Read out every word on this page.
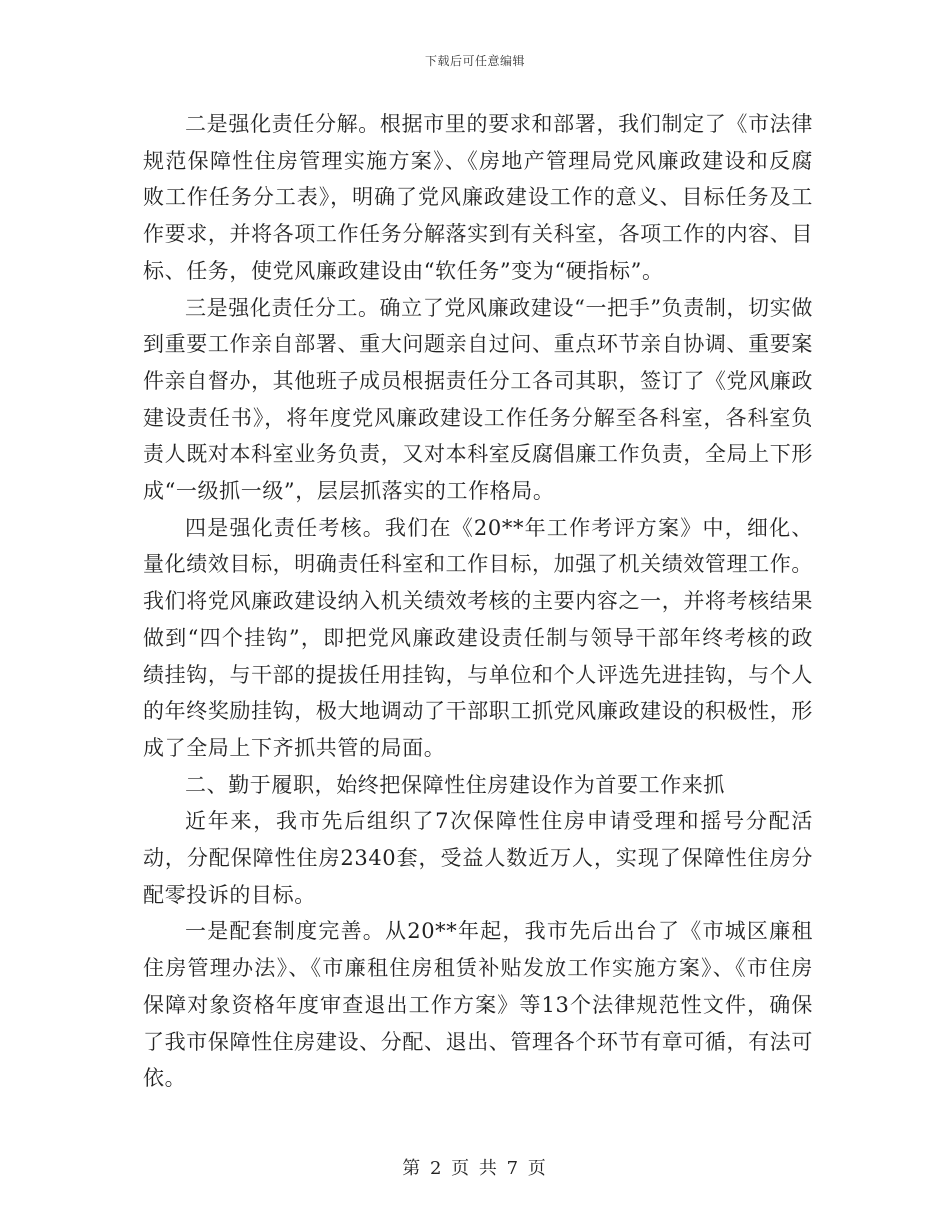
下载后可任意编辑

二是强化责任分解。根据市里的要求和部署，我们制定了《市法律规范保障性住房管理实施方案》、《房地产管理局党风廉政建设和反腐败工作任务分工表》，明确了党风廉政建设工作的意义、目标任务及工作要求，并将各项工作任务分解落实到有关科室，各项工作的内容、目标、任务，使党风廉政建设由“软任务”变为“硬指标”。

三是强化责任分工。确立了党风廉政建设“一把手”负责制，切实做到重要工作亲自部署、重大问题亲自过问、重点环节亲自协调、重要案件亲自督办，其他班子成员根据责任分工各司其职，签订了《党风廉政建设责任书》，将年度党风廉政建设工作任务分解至各科室，各科室负责人既对本科室业务负责，又对本科室反腐倡廉工作负责，全局上下形成“一级抓一级”，层层抓落实的工作格局。

四是强化责任考核。我们在《20**年工作考评方案》中，细化、量化绩效目标，明确责任科室和工作目标，加强了机关绩效管理工作。我们将党风廉政建设纳入机关绩效考核的主要内容之一，并将考核结果做到“四个挂钩”，即把党风廉政建设责任制与领导干部年终考核的政绩挂钩，与干部的提拔任用挂钩，与单位和个人评选先进挂钩，与个人的年终奖励挂钩，极大地调动了干部职工抓党风廉政建设的积极性，形成了全局上下齐抓共管的局面。

二、勤于履职，始终把保障性住房建设作为首要工作来抓

近年来，我市先后组织了7次保障性住房申请受理和摇号分配活动，分配保障性住房2340套，受益人数近万人，实现了保障性住房分配零投诉的目标。

一是配套制度完善。从20**年起，我市先后出台了《市城区廉租住房管理办法》、《市廉租住房租赁补贴发放工作实施方案》、《市住房保障对象资格年度审查退出工作方案》等13个法律规范性文件，确保了我市保障性住房建设、分配、退出、管理各个环节有章可循，有法可依。

第 2 页 共 7 页
